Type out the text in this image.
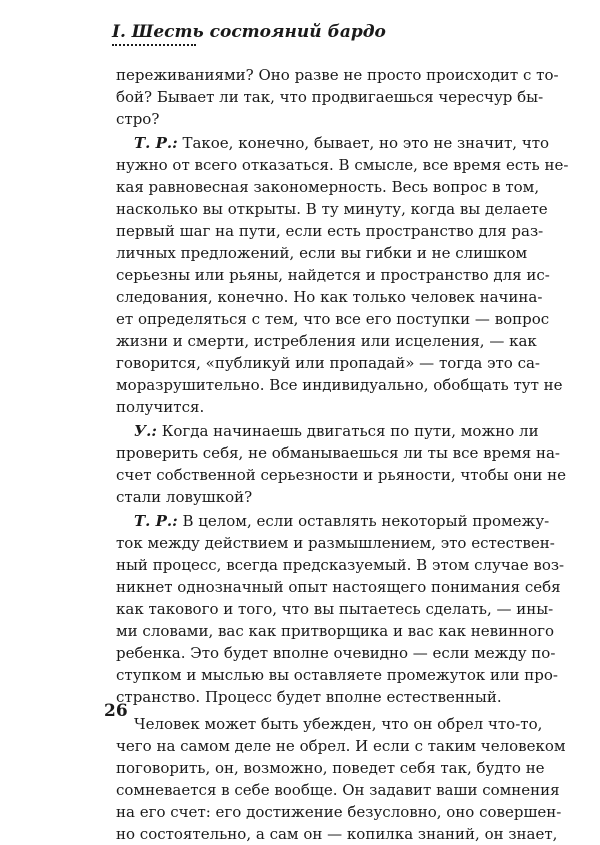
I. Шесть состояний бардо
переживаниями? Оно разве не просто происходит с то-
бой? Бывает ли так, что продвигаешься чересчур бы-
стро?
Т. Р.: Такое, конечно, бывает, но это не значит, что
нужно от всего отказаться. В смысле, все время есть не-
кая равновесная закономерность. Весь вопрос в том,
насколько вы открыты. В ту минуту, когда вы делаете
первый шаг на пути, если есть пространство для раз-
личных предложений, если вы гибки и не слишком
серьезны или рьяны, найдется и пространство для ис-
следования, конечно. Но как только человек начина-
ет определяться с тем, что все его поступки — вопрос
жизни и смерти, истребления или исцеления, — как
говорится, «публикуй или пропадай» — тогда это са-
моразрушительно. Все индивидуально, обобщать тут не
получится.
У.: Когда начинаешь двигаться по пути, можно ли
проверить себя, не обманываешься ли ты все время на-
счет собственной серьезности и рьяности, чтобы они не
стали ловушкой?
Т. Р.: В целом, если оставлять некоторый промежу-
ток между действием и размышлением, это естествен-
ный процесс, всегда предсказуемый. В этом случае воз-
никнет однозначный опыт настоящего понимания себя
как такового и того, что вы пытаетесь сделать, — ины-
ми словами, вас как притворщика и вас как невинного
ребенка. Это будет вполне очевидно — если между по-
ступком и мыслью вы оставляете промежуток или про-
странство. Процесс будет вполне естественный.
Человек может быть убежден, что он обрел что-то,
чего на самом деле не обрел. И если с таким человеком
поговорить, он, возможно, поведет себя так, будто не
сомневается в себе вообще. Он задавит ваши сомнения
на его счет: его достижение безусловно, оно совершен-
но состоятельно, а сам он — копилка знаний, он знает,
26
